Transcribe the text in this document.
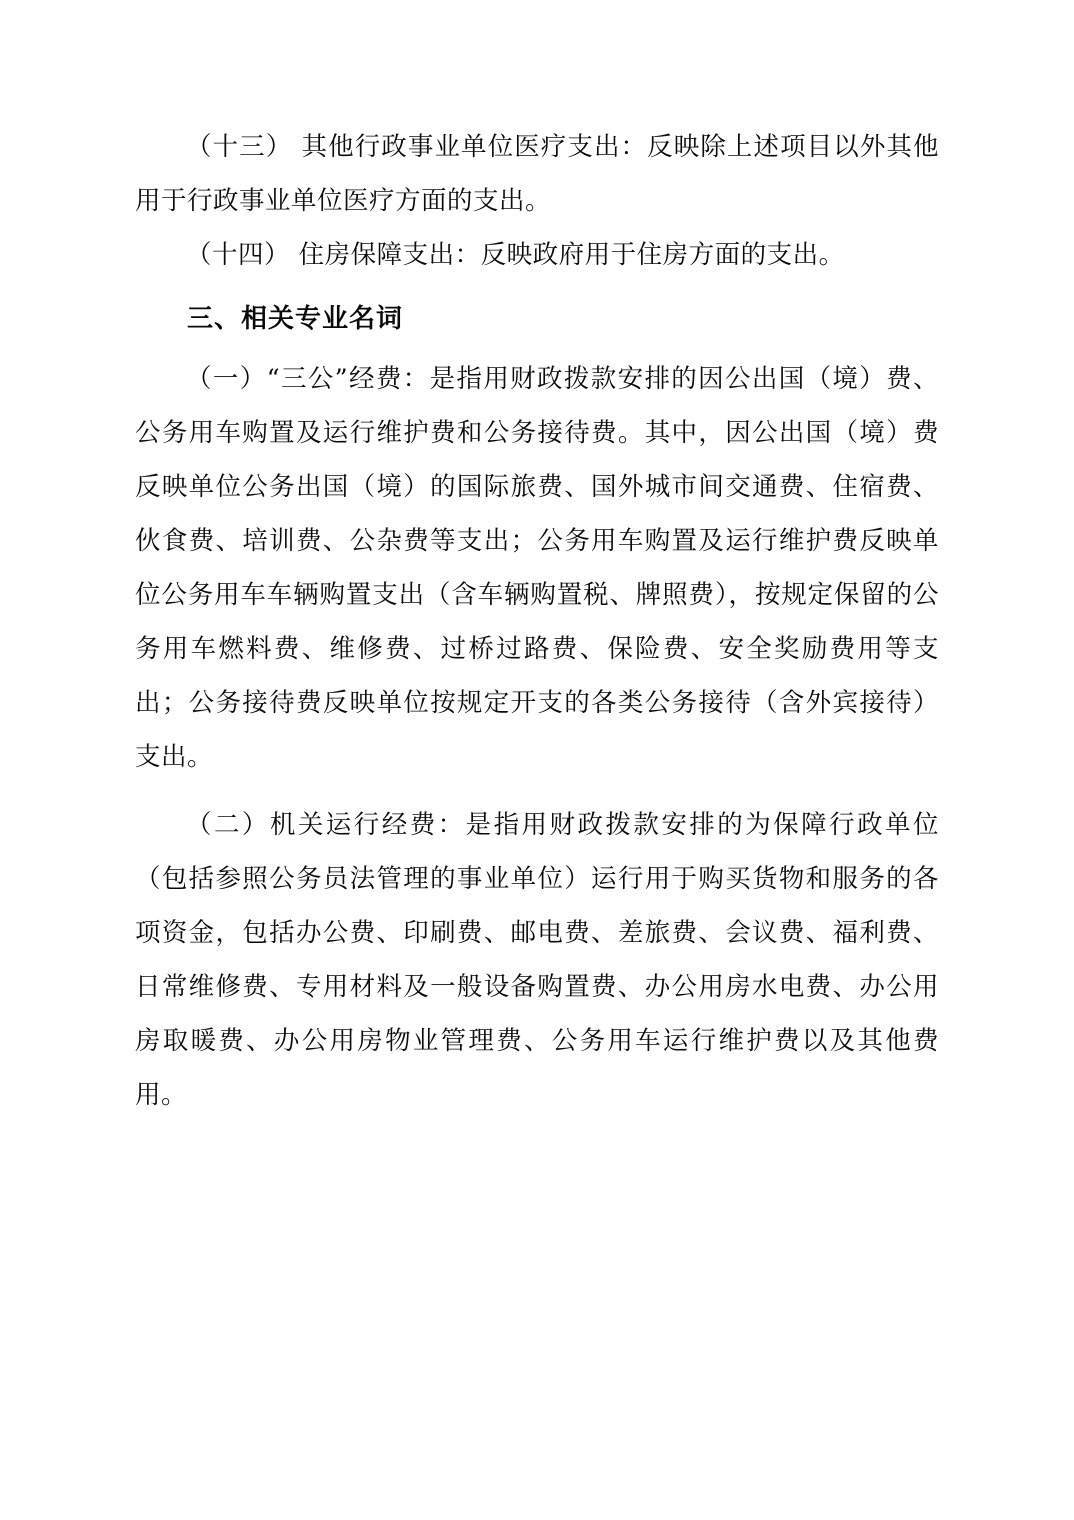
（十三） 其他行政事业单位医疗支出：反映除上述项目以外其他用于行政事业单位医疗方面的支出。

（十四） 住房保障支出：反映政府用于住房方面的支出。

三、相关专业名词

（一）“三公”经费：是指用财政拨款安排的因公出国（境）费、公务用车购置及运行维护费和公务接待费。其中，因公出国（境）费反映单位公务出国（境）的国际旅费、国外城市间交通费、住宿费、伙食费、培训费、公杂费等支出；公务用车购置及运行维护费反映单位公务用车车辆购置支出（含车辆购置税、牌照费），按规定保留的公务用车燃料费、维修费、过桥过路费、保险费、安全奖励费用等支出；公务接待费反映单位按规定开支的各类公务接待（含外宾接待）支出。

（二）机关运行经费：是指用财政拨款安排的为保障行政单位（包括参照公务员法管理的事业单位）运行用于购买货物和服务的各项资金，包括办公费、印刷费、邮电费、差旅费、会议费、福利费、日常维修费、专用材料及一般设备购置费、办公用房水电费、办公用房取暖费、办公用房物业管理费、公务用车运行维护费以及其他费用。
